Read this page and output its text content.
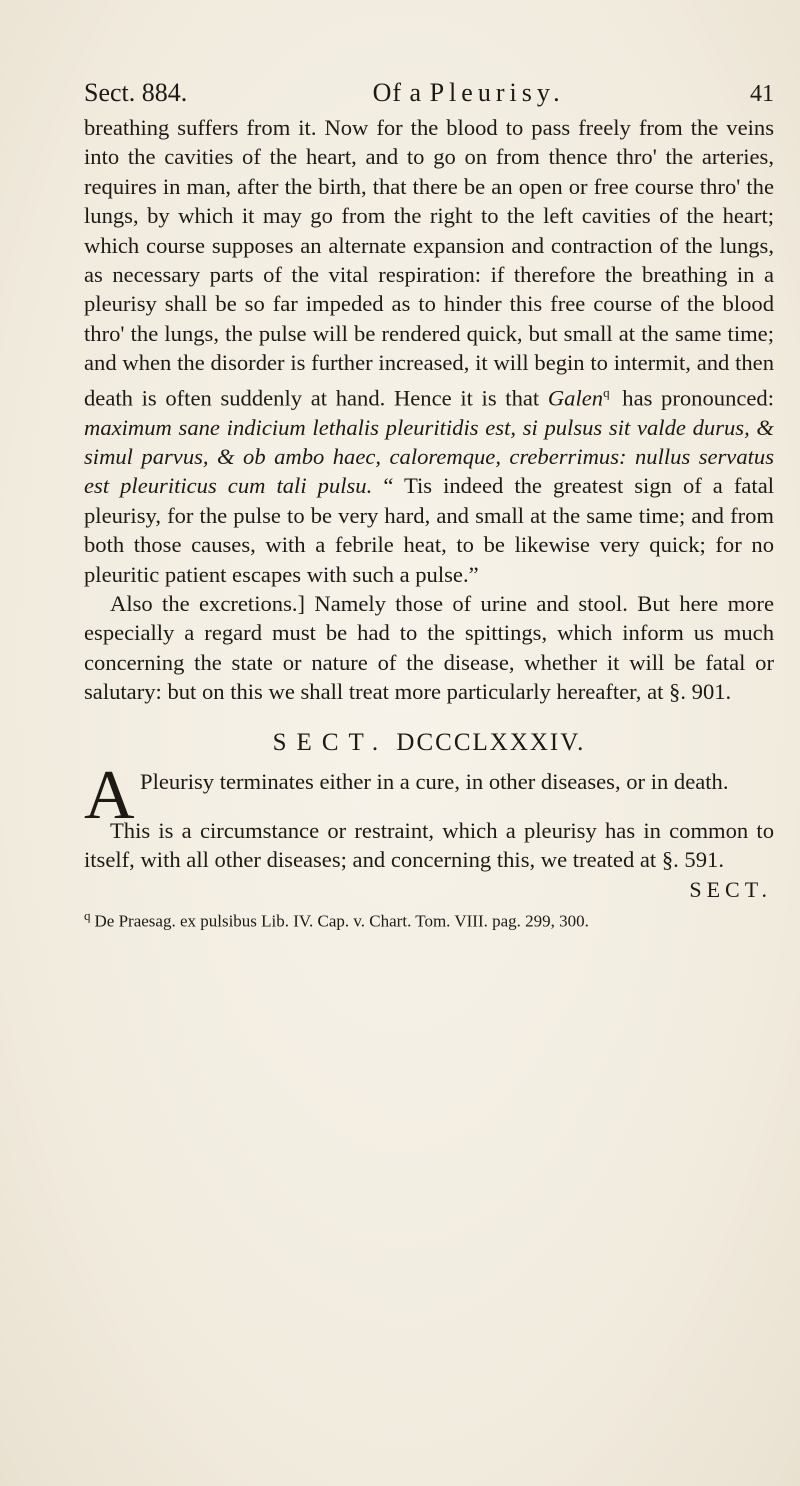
Sect. 884.	Of a Pleurisy.	41

breathing suffers from it. Now for the blood to pass freely from the veins into the cavities of the heart, and to go on from thence thro' the arteries, requires in man, after the birth, that there be an open or free course thro' the lungs, by which it may go from the right to the left cavities of the heart; which course supposes an alternate expansion and contraction of the lungs, as necessary parts of the vital respiration: if therefore the breathing in a pleurisy shall be so far impeded as to hinder this free course of the blood thro' the lungs, the pulse will be rendered quick, but small at the same time; and when the disorder is further increased, it will begin to intermit, and then death is often suddenly at hand. Hence it is that Galen$^q$ has pronounced: maximum sane indicium lethalis pleuritidis est, si pulsus sit valde durus, & simul parvus, & ob ambo haec, caloremque, creberrimus: nullus servatus est pleuriticus cum tali pulsu. “ Tis indeed the greatest sign of a fatal pleurisy, for the pulse to be very hard, and small at the same time; and from both those causes, with a febrile heat, to be likewise very quick; for no pleuritic patient escapes with such a pulse.”

Also the excretions.] Namely those of urine and stool. But here more especially a regard must be had to the spittings, which inform us much concerning the state or nature of the disease, whether it will be fatal or salutary: but on this we shall treat more particularly hereafter, at §. 901.

SECT. DCCCLXXXIV.
A Pleurisy terminates either in a cure, in other diseases, or in death.

This is a circumstance or restraint, which a pleurisy has in common to itself, with all other diseases; and concerning this, we treated at §. 591.

SECT.
$^q$ De Praesag. ex pulsibus Lib. IV. Cap. v. Chart. Tom. VIII. pag. 299, 300.
